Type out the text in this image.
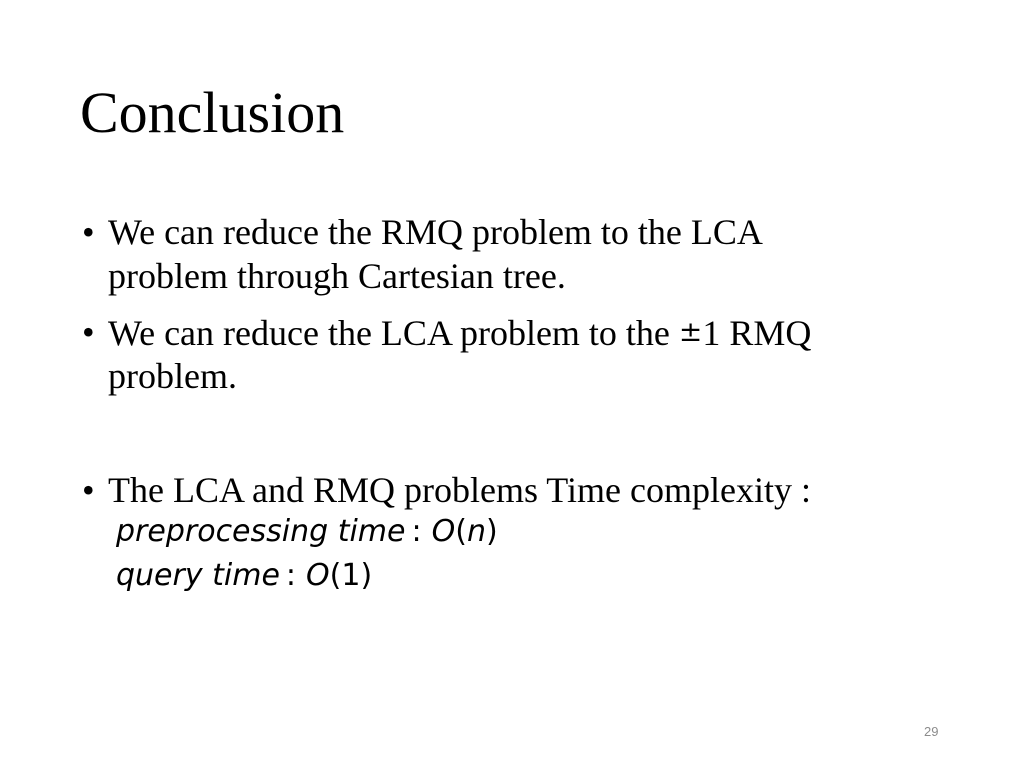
Conclusion
• We can reduce the RMQ problem to the LCA
problem through Cartesian tree.
• We can reduce the LCA problem to the ±1 RMQ
problem.
• The LCA and RMQ problems Time complexity :
preprocessing time : O(n)
query time : O(1)
29
